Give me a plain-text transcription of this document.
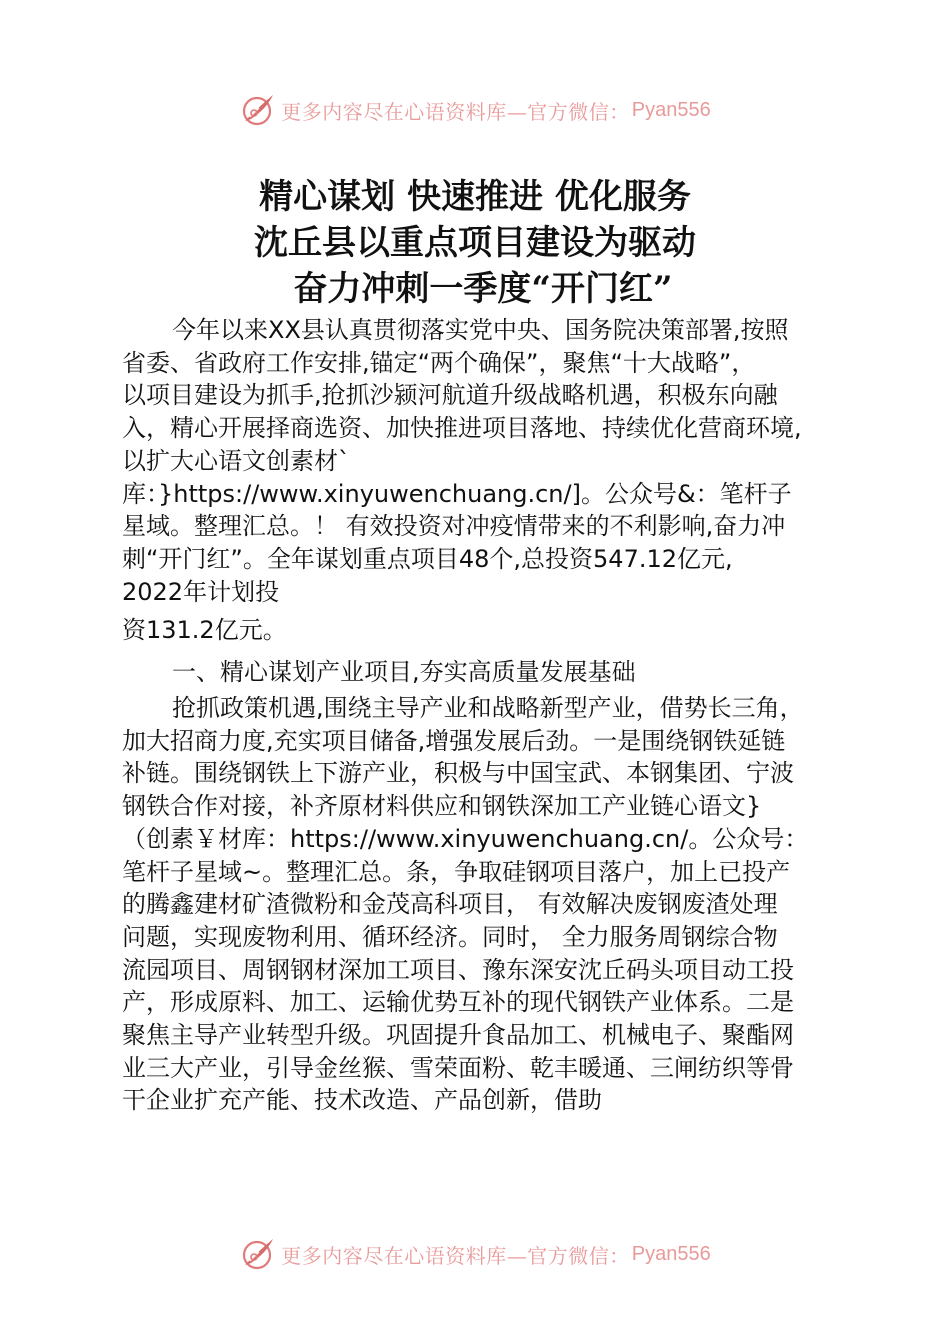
更多内容尽在心语资料库—官方微信： Pyan556
精心谋划 快速推进 优化服务
沈丘县以重点项目建设为驱动
奋力冲刺一季度“开门红”

今年以来XX县认真贯彻落实党中央、国务院决策部署,按照
省委、省政府工作安排,锚定“两个确保”，聚焦“十大战略”，
以项目建设为抓手,抢抓沙颍河航道升级战略机遇，积极东向融
入，精心开展择商选资、加快推进项目落地、持续优化营商环境,
以扩大心语文创素材`
库：}https://www.xinyuwenchuang.cn/]。公众号&：笔杆子
星域。整理汇总。！ 有效投资对冲疫情带来的不利影响,奋力冲
刺“开门红”。全年谋划重点项目48个,总投资547.12亿元,
2022年计划投

资131.2亿元。

一、精心谋划产业项目,夯实高质量发展基础

抢抓政策机遇,围绕主导产业和战略新型产业，借势长三角，
加大招商力度,充实项目储备,增强发展后劲。一是围绕钢铁延链
补链。围绕钢铁上下游产业，积极与中国宝武、本钢集团、宁波
钢铁合作对接，补齐原材料供应和钢铁深加工产业链心语文}
（创素￥材库：https://www.xinyuwenchuang.cn/。公众号：
笔杆子星域~。整理汇总。条，争取硅钢项目落户，加上已投产
的腾鑫建材矿渣微粉和金茂高科项目， 有效解决废钢废渣处理
问题，实现废物利用、循环经济。同时， 全力服务周钢综合物
流园项目、周钢钢材深加工项目、豫东深安沈丘码头项目动工投
产，形成原料、加工、运输优势互补的现代钢铁产业体系。二是
聚焦主导产业转型升级。巩固提升食品加工、机械电子、聚酯网
业三大产业，引导金丝猴、雪荣面粉、乾丰暖通、三闸纺织等骨
干企业扩充产能、技术改造、产品创新，借助

更多内容尽在心语资料库—官方微信： Pyan556
